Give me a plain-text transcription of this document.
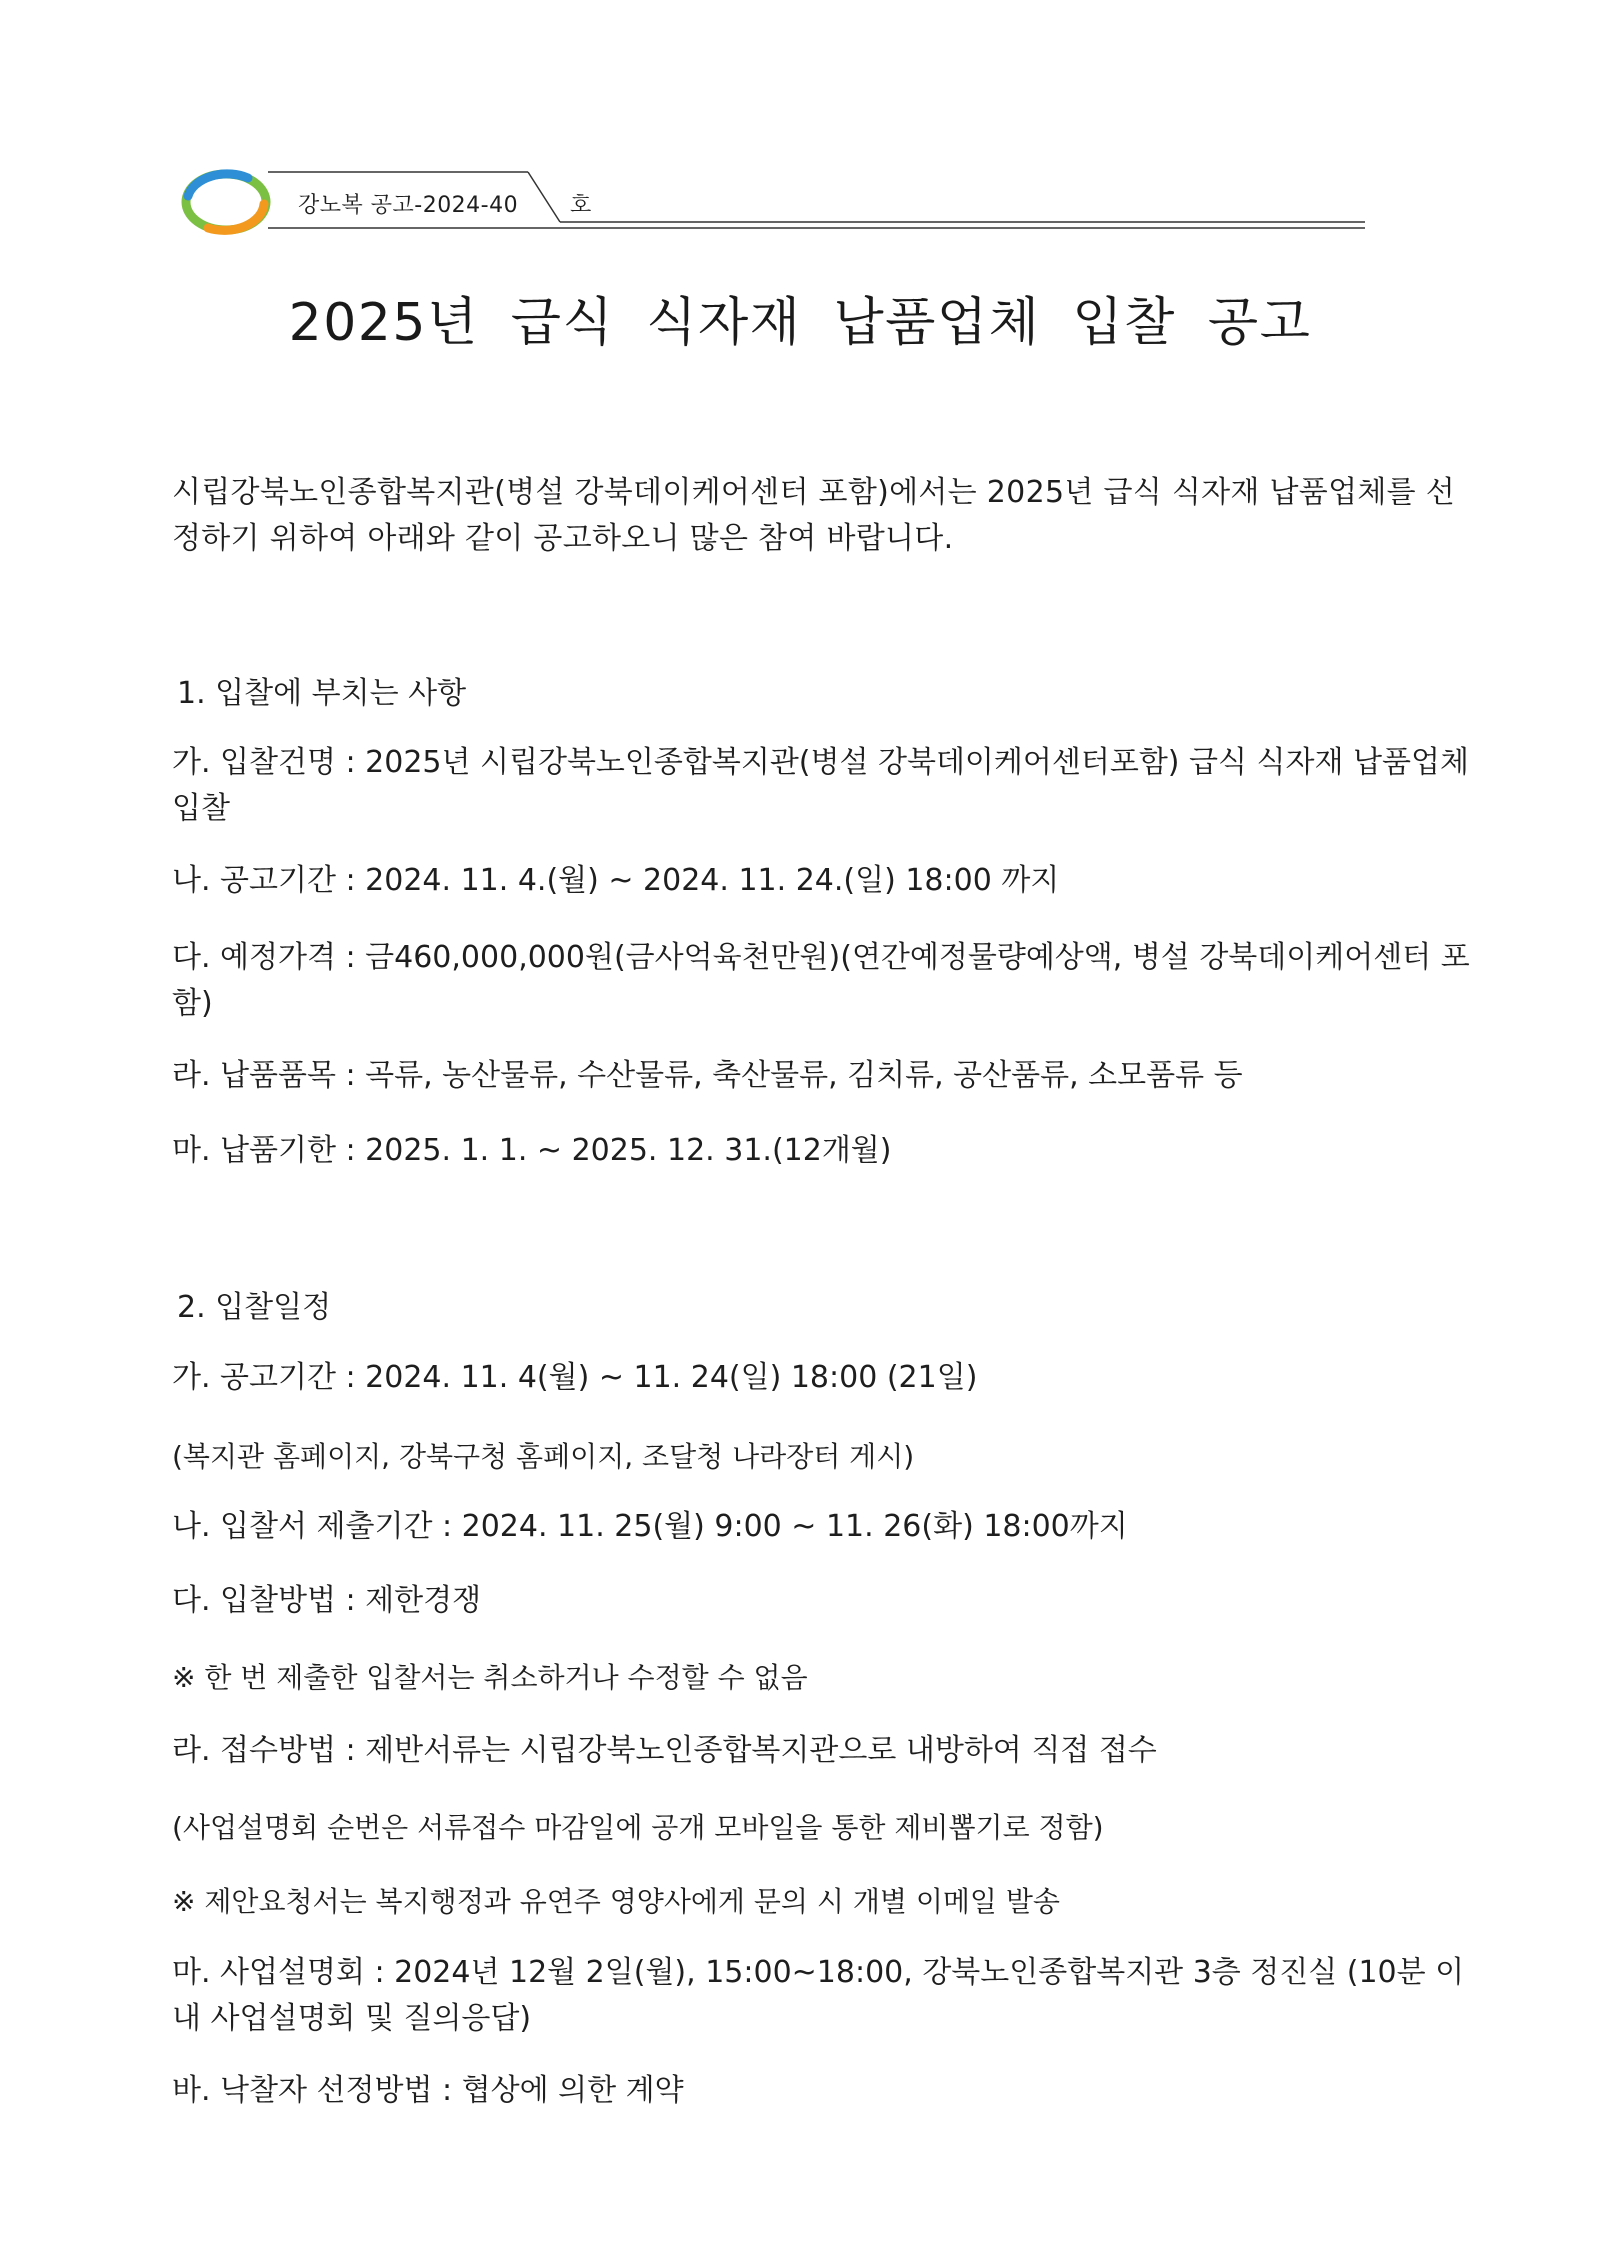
강노복 공고-2024-40 호
2025년 급식 식자재 납품업체 입찰 공고

시립강북노인종합복지관(병설 강북데이케어센터 포함)에서는 2025년 급식 식자재 납품업체를 선정하기 위하여 아래와 같이 공고하오니 많은 참여 바랍니다.

1. 입찰에 부치는 사항
가. 입찰건명 : 2025년 시립강북노인종합복지관(병설 강북데이케어센터포함) 급식 식자재 납품업체 입찰
나. 공고기간 : 2024. 11. 4.(월) ~ 2024. 11. 24.(일) 18:00 까지
다. 예정가격 : 금460,000,000원(금사억육천만원)(연간예정물량예상액, 병설 강북데이케어센터 포함)
라. 납품품목 : 곡류, 농산물류, 수산물류, 축산물류, 김치류, 공산품류, 소모품류 등
마. 납품기한 : 2025. 1. 1. ~ 2025. 12. 31.(12개월)
2. 입찰일정
가. 공고기간 : 2024. 11. 4(월) ~ 11. 24(일) 18:00 (21일)
(복지관 홈페이지, 강북구청 홈페이지, 조달청 나라장터 게시)
나. 입찰서 제출기간 : 2024. 11. 25(월) 9:00 ~ 11. 26(화) 18:00까지
다. 입찰방법 : 제한경쟁
※ 한 번 제출한 입찰서는 취소하거나 수정할 수 없음
라. 접수방법 : 제반서류는 시립강북노인종합복지관으로 내방하여 직접 접수
(사업설명회 순번은 서류접수 마감일에 공개 모바일을 통한 제비뽑기로 정함)
※ 제안요청서는 복지행정과 유연주 영양사에게 문의 시 개별 이메일 발송
마. 사업설명회 : 2024년 12월 2일(월), 15:00~18:00, 강북노인종합복지관 3층 정진실 (10분 이내 사업설명회 및 질의응답)
바. 낙찰자 선정방법 : 협상에 의한 계약
